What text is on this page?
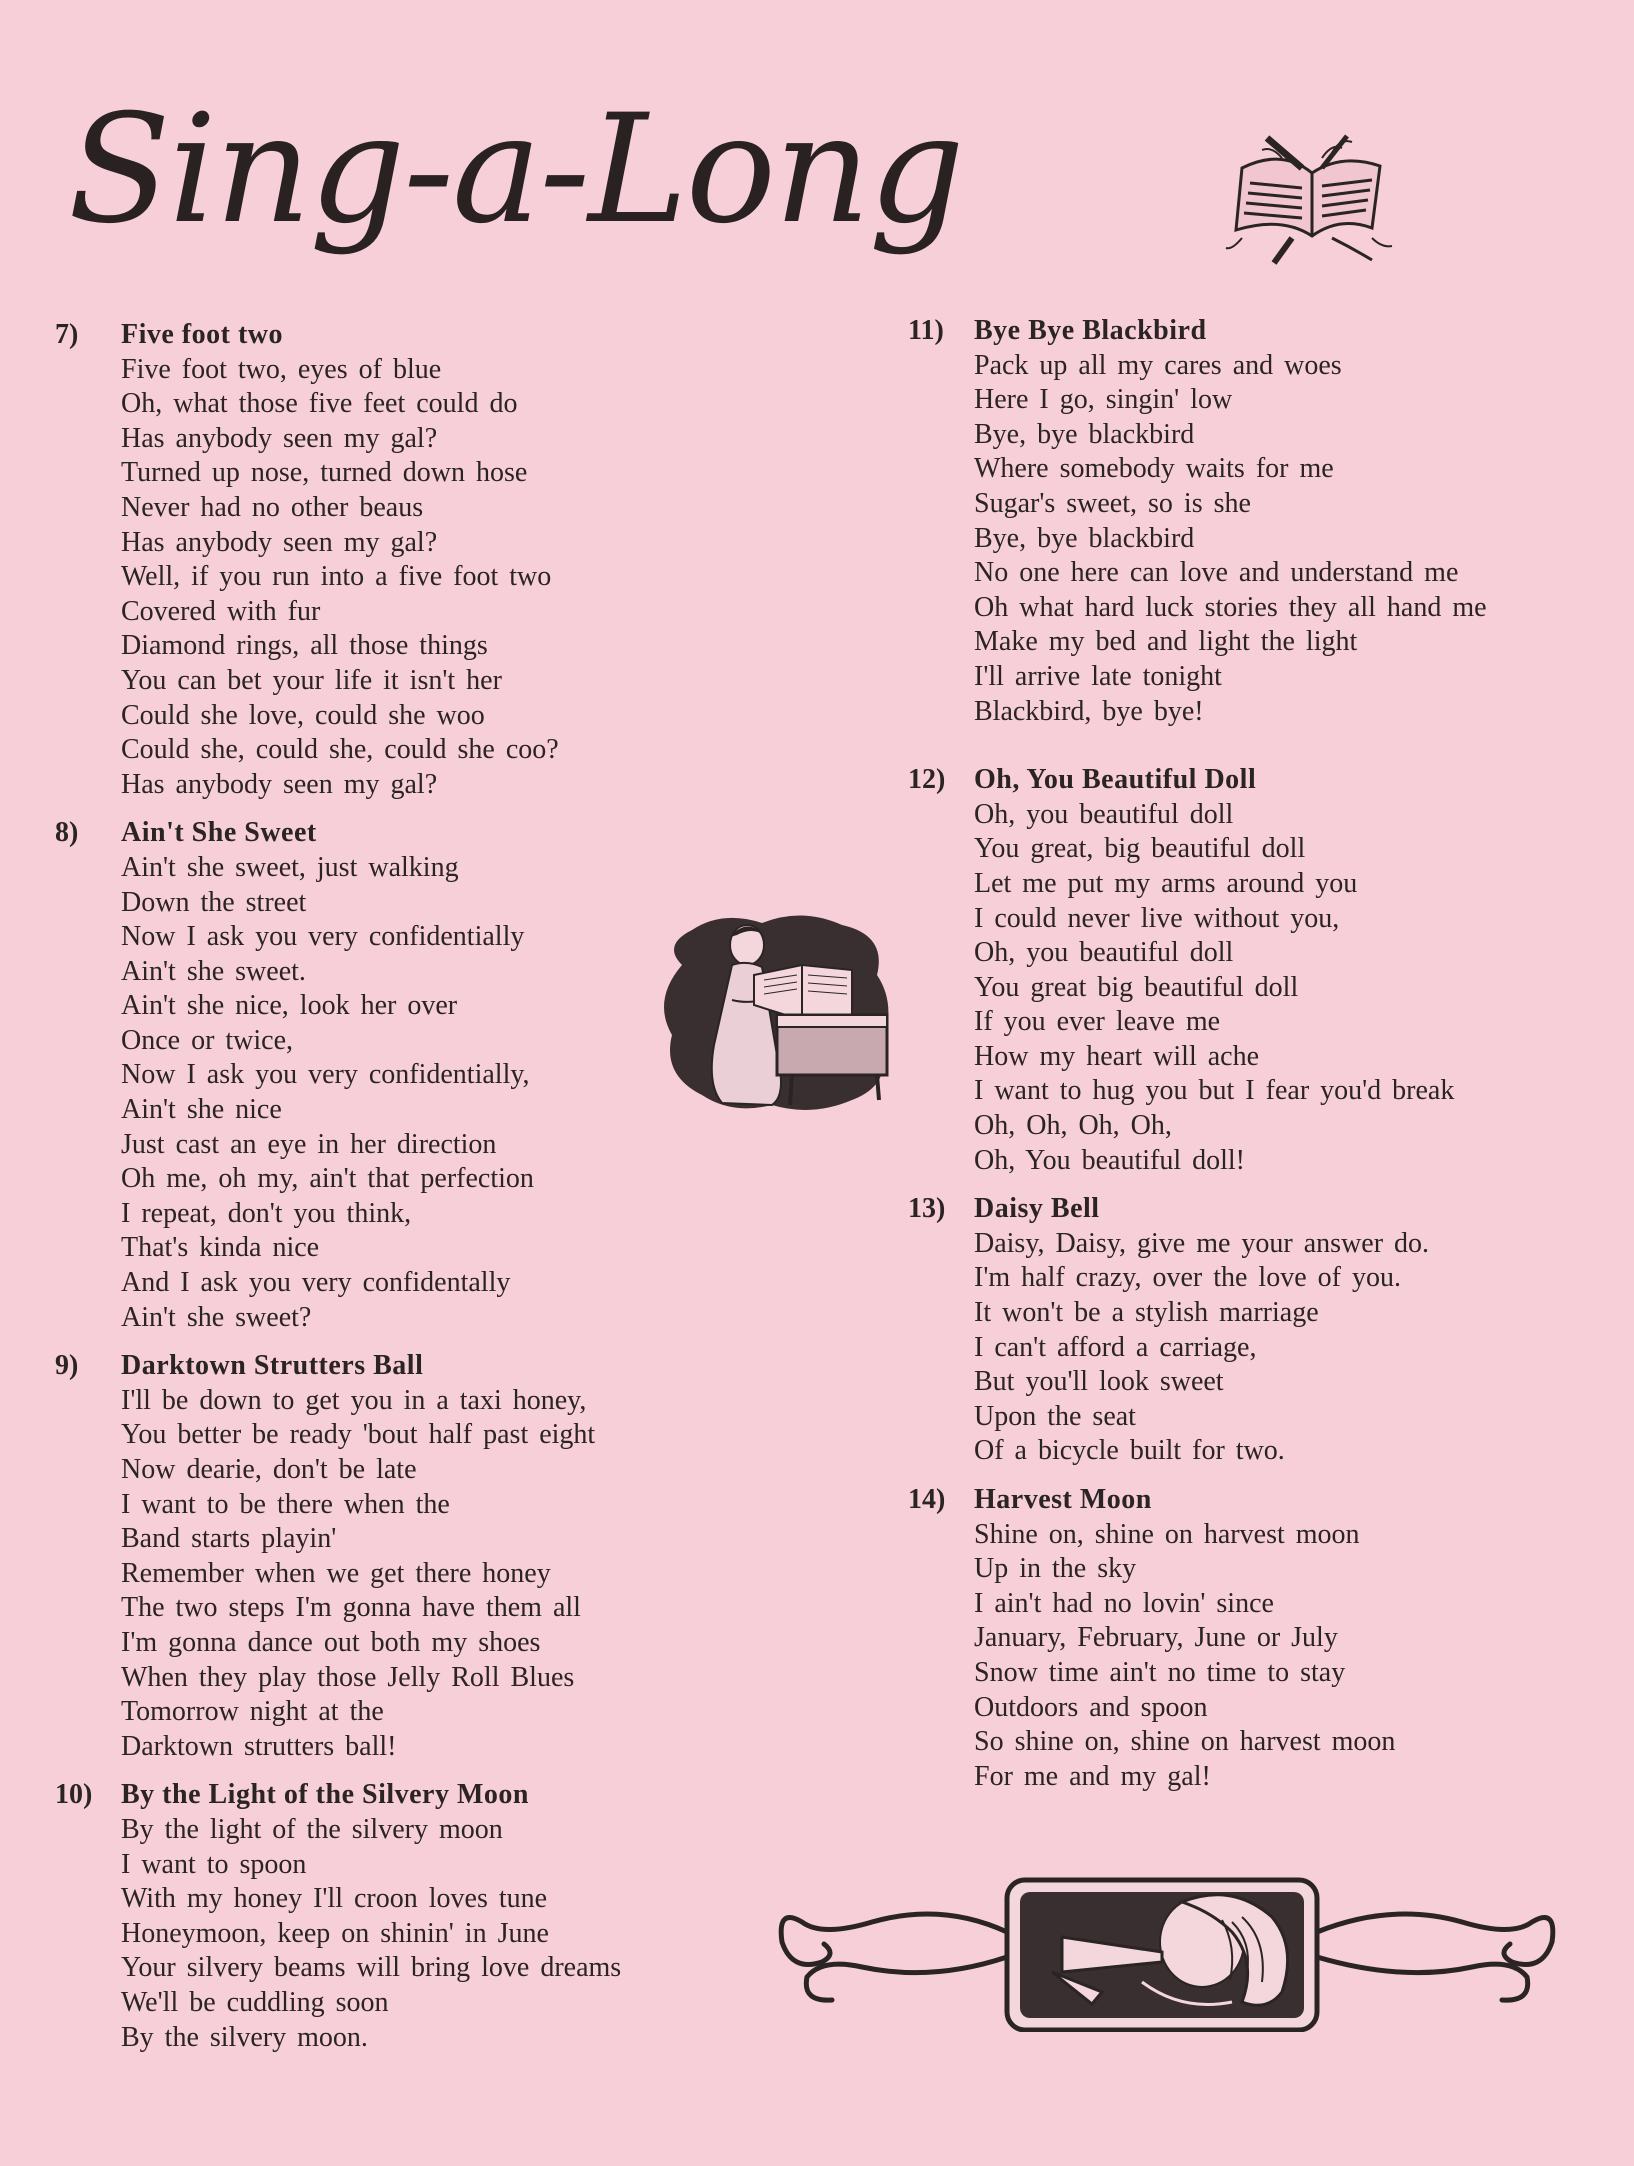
Sing-a-Long
7) Five foot two

Five foot two, eyes of blue
Oh, what those five feet could do
Has anybody seen my gal?
Turned up nose, turned down hose
Never had no other beaus
Has anybody seen my gal?
Well, if you run into a five foot two
Covered with fur
Diamond rings, all those things
You can bet your life it isn't her
Could she love, could she woo
Could she, could she, could she coo?
Has anybody seen my gal?
8) Ain't She Sweet

Ain't she sweet, just walking
Down the street
Now I ask you very confidentially
Ain't she sweet.
Ain't she nice, look her over
Once or twice,
Now I ask you very confidentially,
Ain't she nice
Just cast an eye in her direction
Oh me, oh my, ain't that perfection
I repeat, don't you think,
That's kinda nice
And I ask you very confidentally
Ain't she sweet?
9) Darktown Strutters Ball

I'll be down to get you in a taxi honey,
You better be ready 'bout half past eight
Now dearie, don't be late
I want to be there when the
Band starts playin'
Remember when we get there honey
The two steps I'm gonna have them all
I'm gonna dance out both my shoes
When they play those Jelly Roll Blues
Tomorrow night at the
Darktown strutters ball!
10) By the Light of the Silvery Moon

By the light of the silvery moon
I want to spoon
With my honey I'll croon loves tune
Honeymoon, keep on shinin' in June
Your silvery beams will bring love dreams
We'll be cuddling soon
By the silvery moon.
11) Bye Bye Blackbird

Pack up all my cares and woes
Here I go, singin' low
Bye, bye blackbird
Where somebody waits for me
Sugar's sweet, so is she
Bye, bye blackbird
No one here can love and understand me
Oh what hard luck stories they all hand me
Make my bed and light the light
I'll arrive late tonight
Blackbird, bye bye!
12) Oh, You Beautiful Doll

Oh, you beautiful doll
You great, big beautiful doll
Let me put my arms around you
I could never live without you,
Oh, you beautiful doll
You great big beautiful doll
If you ever leave me
How my heart will ache
I want to hug you but I fear you'd break
Oh, Oh, Oh, Oh,
Oh, You beautiful doll!
13) Daisy Bell

Daisy, Daisy, give me your answer do.
I'm half crazy, over the love of you.
It won't be a stylish marriage
I can't afford a carriage,
But you'll look sweet
Upon the seat
Of a bicycle built for two.
14) Harvest Moon

Shine on, shine on harvest moon
Up in the sky
I ain't had no lovin' since
January, February, June or July
Snow time ain't no time to stay
Outdoors and spoon
So shine on, shine on harvest moon
For me and my gal!
